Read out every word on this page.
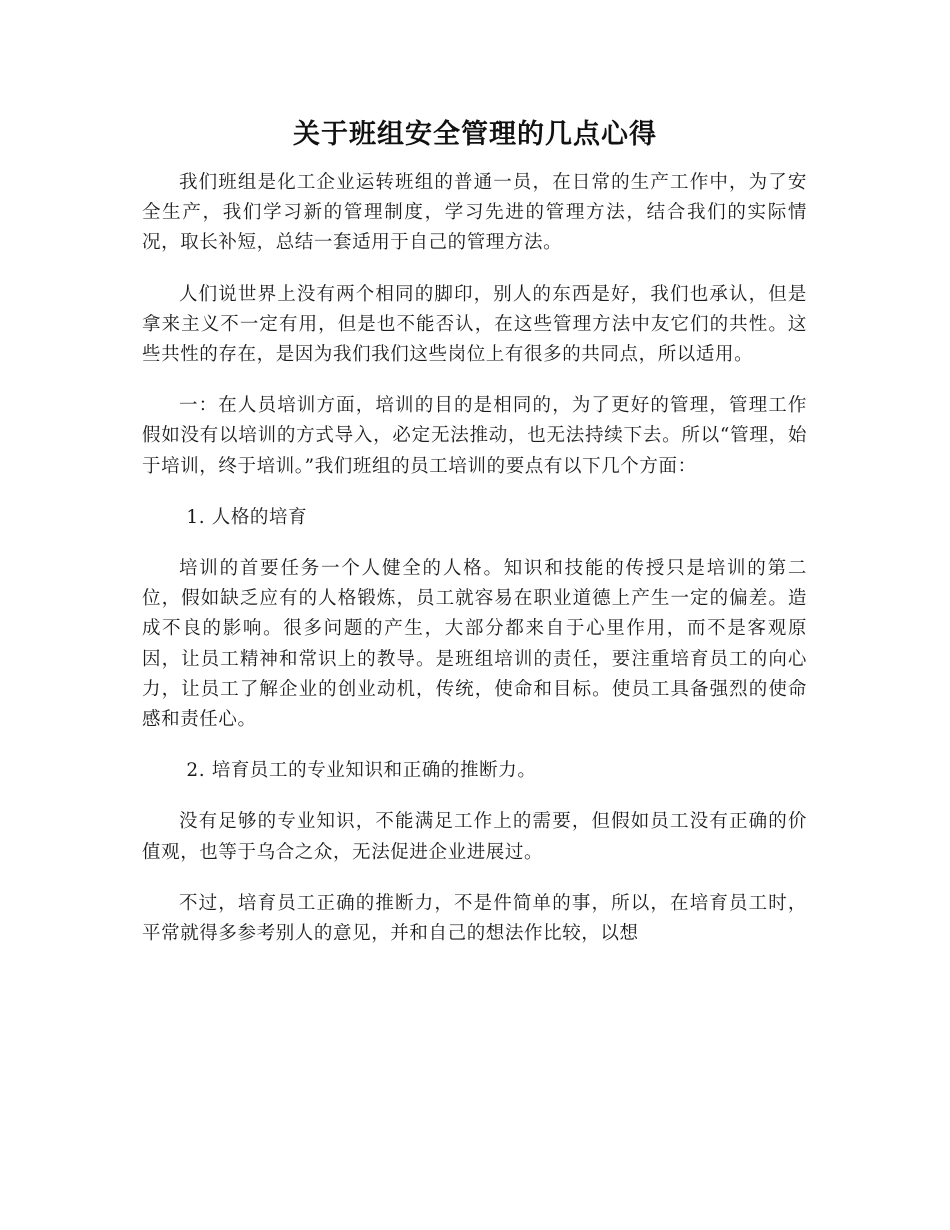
关于班组安全管理的几点心得

我们班组是化工企业运转班组的普通一员，在日常的生产工作中，为了安全生产，我们学习新的管理制度，学习先进的管理方法，结合我们的实际情况，取长补短，总结一套适用于自己的管理方法。

人们说世界上没有两个相同的脚印，别人的东西是好，我们也承认，但是拿来主义不一定有用，但是也不能否认，在这些管理方法中友它们的共性。这些共性的存在，是因为我们我们这些岗位上有很多的共同点，所以适用。

一：在人员培训方面，培训的目的是相同的，为了更好的管理，管理工作假如没有以培训的方式导入，必定无法推动，也无法持续下去。所以“管理，始于培训，终于培训。”我们班组的员工培训的要点有以下几个方面：

1. 人格的培育

培训的首要任务一个人健全的人格。知识和技能的传授只是培训的第二位，假如缺乏应有的人格锻炼，员工就容易在职业道德上产生一定的偏差。造成不良的影响。很多问题的产生，大部分都来自于心里作用，而不是客观原因，让员工精神和常识上的教导。是班组培训的责任，要注重培育员工的向心力，让员工了解企业的创业动机，传统，使命和目标。使员工具备强烈的使命感和责任心。

2. 培育员工的专业知识和正确的推断力。

没有足够的专业知识，不能满足工作上的需要，但假如员工没有正确的价值观，也等于乌合之众，无法促进企业进展过。

不过，培育员工正确的推断力，不是件简单的事，所以，在培育员工时，平常就得多参考别人的意见，并和自己的想法作比较，以想
